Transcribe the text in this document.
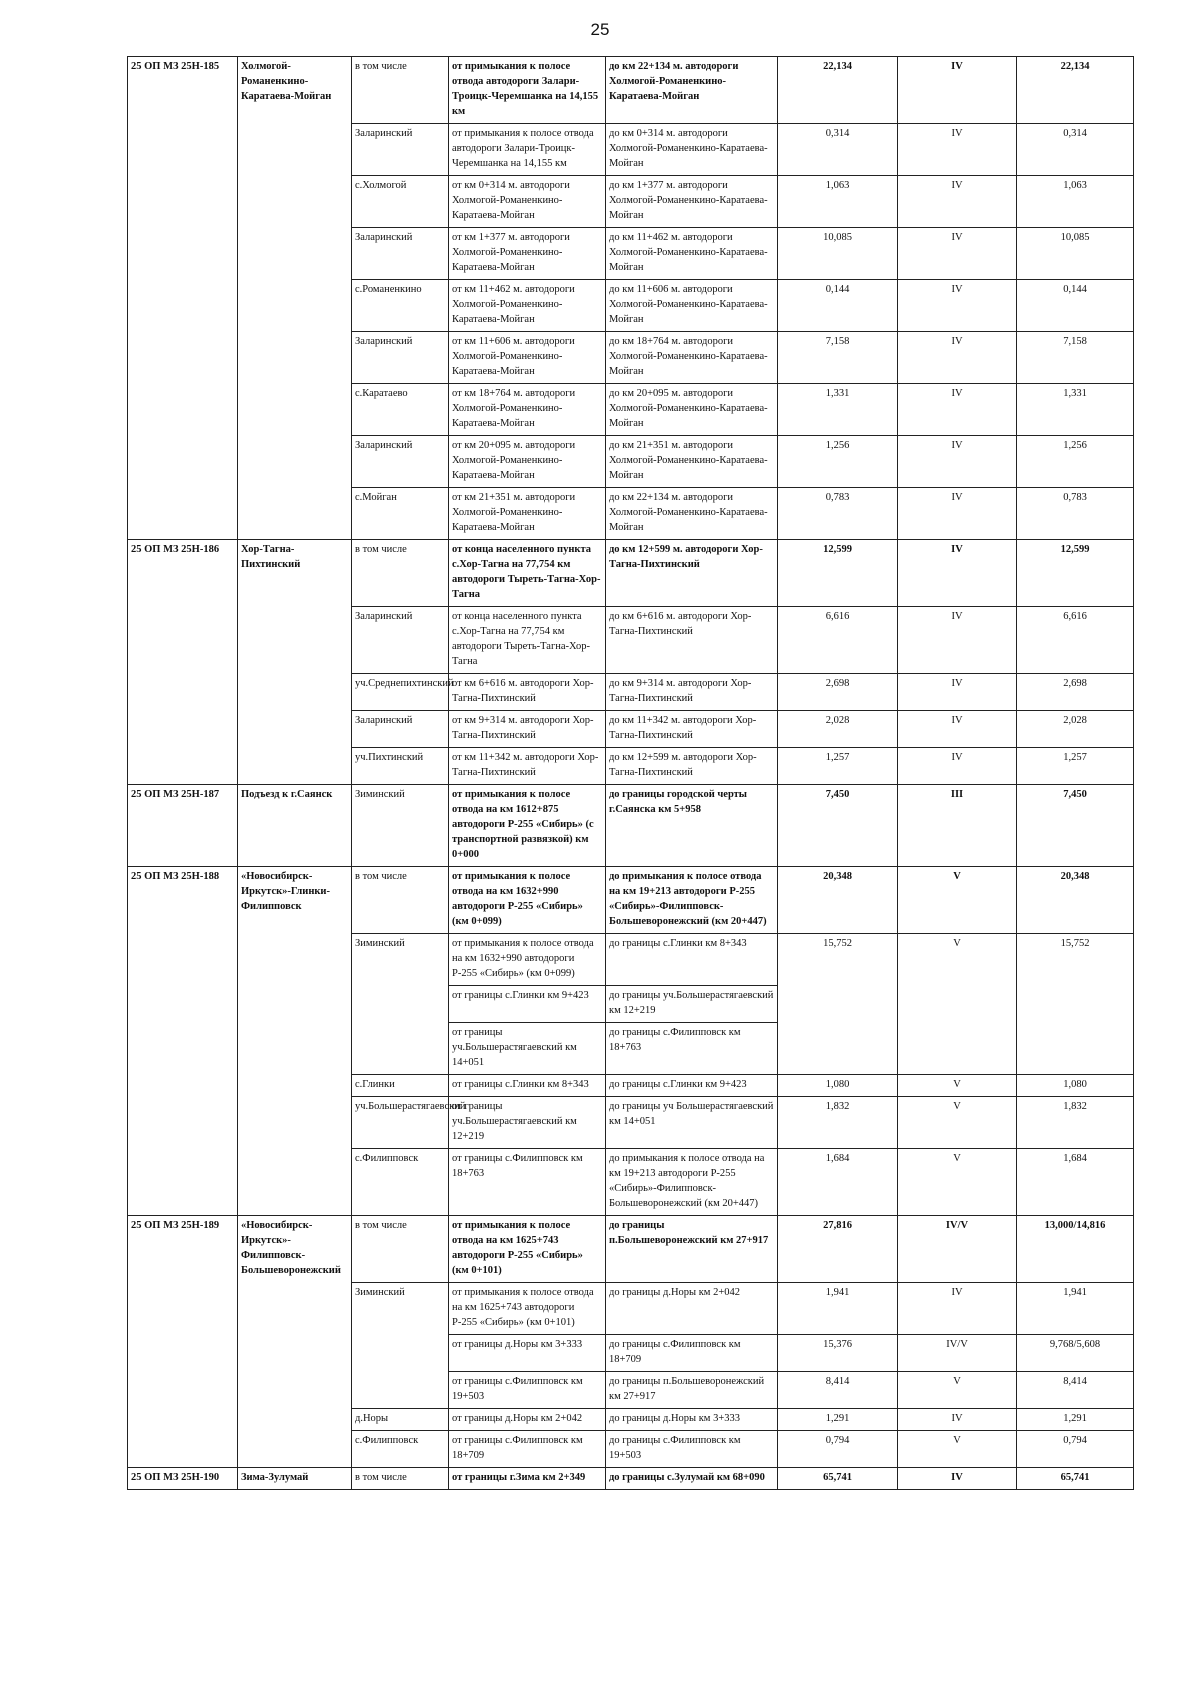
25
25 ОП МЗ 25Н-185	Холмогой-Романенкино-Каратаева-Мойган	в том числе	от примыкания к полосе отвода автодороги Залари-Троицк-Черемшанка на 14,155 км	до км 22+134 м. автодороги Холмогой-Романенкино-Каратаева-Мойган	22,134	IV	22,134
		Заларинский	от примыкания к полосе отвода автодороги Залари-Троицк-Черемшанка на 14,155 км	до км 0+314 м. автодороги Холмогой-Романенкино-Каратаева-Мойган	0,314	IV	0,314
		с.Холмогой	от км 0+314 м. автодороги Холмогой-Романенкино-Каратаева-Мойган	до км 1+377 м. автодороги Холмогой-Романенкино-Каратаева-Мойган	1,063	IV	1,063
		Заларинский	от км 1+377 м. автодороги Холмогой-Романенкино-Каратаева-Мойган	до км 11+462 м. автодороги Холмогой-Романенкино-Каратаева-Мойган	10,085	IV	10,085
		с.Романенкино	от км 11+462 м. автодороги Холмогой-Романенкино-Каратаева-Мойган	до км 11+606 м. автодороги Холмогой-Романенкино-Каратаева-Мойган	0,144	IV	0,144
		Заларинский	от км 11+606 м. автодороги Холмогой-Романенкино-Каратаева-Мойган	до км 18+764 м. автодороги Холмогой-Романенкино-Каратаева-Мойган	7,158	IV	7,158
		с.Каратаево	от км 18+764 м. автодороги Холмогой-Романенкино-Каратаева-Мойган	до км 20+095 м. автодороги Холмогой-Романенкино-Каратаева-Мойган	1,331	IV	1,331
		Заларинский	от км 20+095 м. автодороги Холмогой-Романенкино-Каратаева-Мойган	до км 21+351 м. автодороги Холмогой-Романенкино-Каратаева-Мойган	1,256	IV	1,256
		с.Мойган	от км 21+351 м. автодороги Холмогой-Романенкино-Каратаева-Мойган	до км 22+134 м. автодороги Холмогой-Романенкино-Каратаева-Мойган	0,783	IV	0,783
25 ОП МЗ 25Н-186	Хор-Тагна-Пихтинский	в том числе	от конца населенного пункта с.Хор-Тагна на 77,754 км автодороги Тыреть-Тагна-Хор-Тагна	до км 12+599 м. автодороги Хор-Тагна-Пихтинский	12,599	IV	12,599
		Заларинский	от конца населенного пункта с.Хор-Тагна на 77,754 км автодороги Тыреть-Тагна-Хор-Тагна	до км 6+616 м. автодороги Хор-Тагна-Пихтинский	6,616	IV	6,616
		уч.Среднепихтинский	от км 6+616 м. автодороги Хор-Тагна-Пихтинский	до км 9+314 м. автодороги Хор-Тагна-Пихтинский	2,698	IV	2,698
		Заларинский	от км 9+314 м. автодороги Хор-Тагна-Пихтинский	до км 11+342 м. автодороги Хор-Тагна-Пихтинский	2,028	IV	2,028
		уч.Пихтинский	от км 11+342 м. автодороги Хор-Тагна-Пихтинский	до км 12+599 м. автодороги Хор-Тагна-Пихтинский	1,257	IV	1,257
25 ОП МЗ 25Н-187	Подъезд к г.Саянск	Зиминский	от примыкания к полосе отвода на км 1612+875 автодороги Р-255 «Сибирь» (с транспортной развязкой) км 0+000	до границы городской черты г.Саянска км 5+958	7,450	III	7,450
25 ОП МЗ 25Н-188	«Новосибирск-Иркутск»-Глинки-Филипповск	в том числе	от примыкания к полосе отвода на км 1632+990 автодороги Р-255 «Сибирь» (км 0+099)	до примыкания к полосе отвода на км 19+213 автодороги Р-255 «Сибирь»-Филипповск-Большеворонежский (км 20+447)	20,348	V	20,348
		Зиминский	от примыкания к полосе отвода на км 1632+990 автодороги Р-255 «Сибирь» (км 0+099)	до границы с.Глинки км 8+343	15,752	V	15,752
			от границы с.Глинки км 9+423	до границы уч.Большерастягаевский км 12+219			
			от границы уч.Большерастягаевский км 14+051	до границы с.Филипповск км 18+763			
		с.Глинки	от границы с.Глинки км 8+343	до границы с.Глинки км 9+423	1,080	V	1,080
		уч.Большерастягаевский	от границы уч.Большерастягаевский км 12+219	до границы уч Большерастягаевский км 14+051	1,832	V	1,832
		с.Филипповск	от границы с.Филипповск км 18+763	до примыкания к полосе отвода на км 19+213 автодороги Р-255 «Сибирь»-Филипповск-Большеворонежский (км 20+447)	1,684	V	1,684
25 ОП МЗ 25Н-189	«Новосибирск-Иркутск»-Филипповск-Большеворонежский	в том числе	от примыкания к полосе отвода на км 1625+743 автодороги Р-255 «Сибирь» (км 0+101)	до границы п.Большеворонежский км 27+917	27,816	IV/V	13,000/14,816
		Зиминский	от примыкания к полосе отвода на км 1625+743 автодороги Р-255 «Сибирь» (км 0+101)	до границы д.Норы км 2+042	1,941	IV	1,941
			от границы д.Норы км 3+333	до границы с.Филипповск км 18+709	15,376	IV/V	9,768/5,608
			от границы с.Филипповск км 19+503	до границы п.Большеворонежский км 27+917	8,414	V	8,414
		д.Норы	от границы д.Норы км 2+042	до границы д.Норы км 3+333	1,291	IV	1,291
		с.Филипповск	от границы с.Филипповск км 18+709	до границы с.Филипповск км 19+503	0,794	V	0,794
25 ОП МЗ 25Н-190	Зима-Зулумай	в том числе	от границы г.Зима км 2+349	до границы с.Зулумай км 68+090	65,741	IV	65,741
